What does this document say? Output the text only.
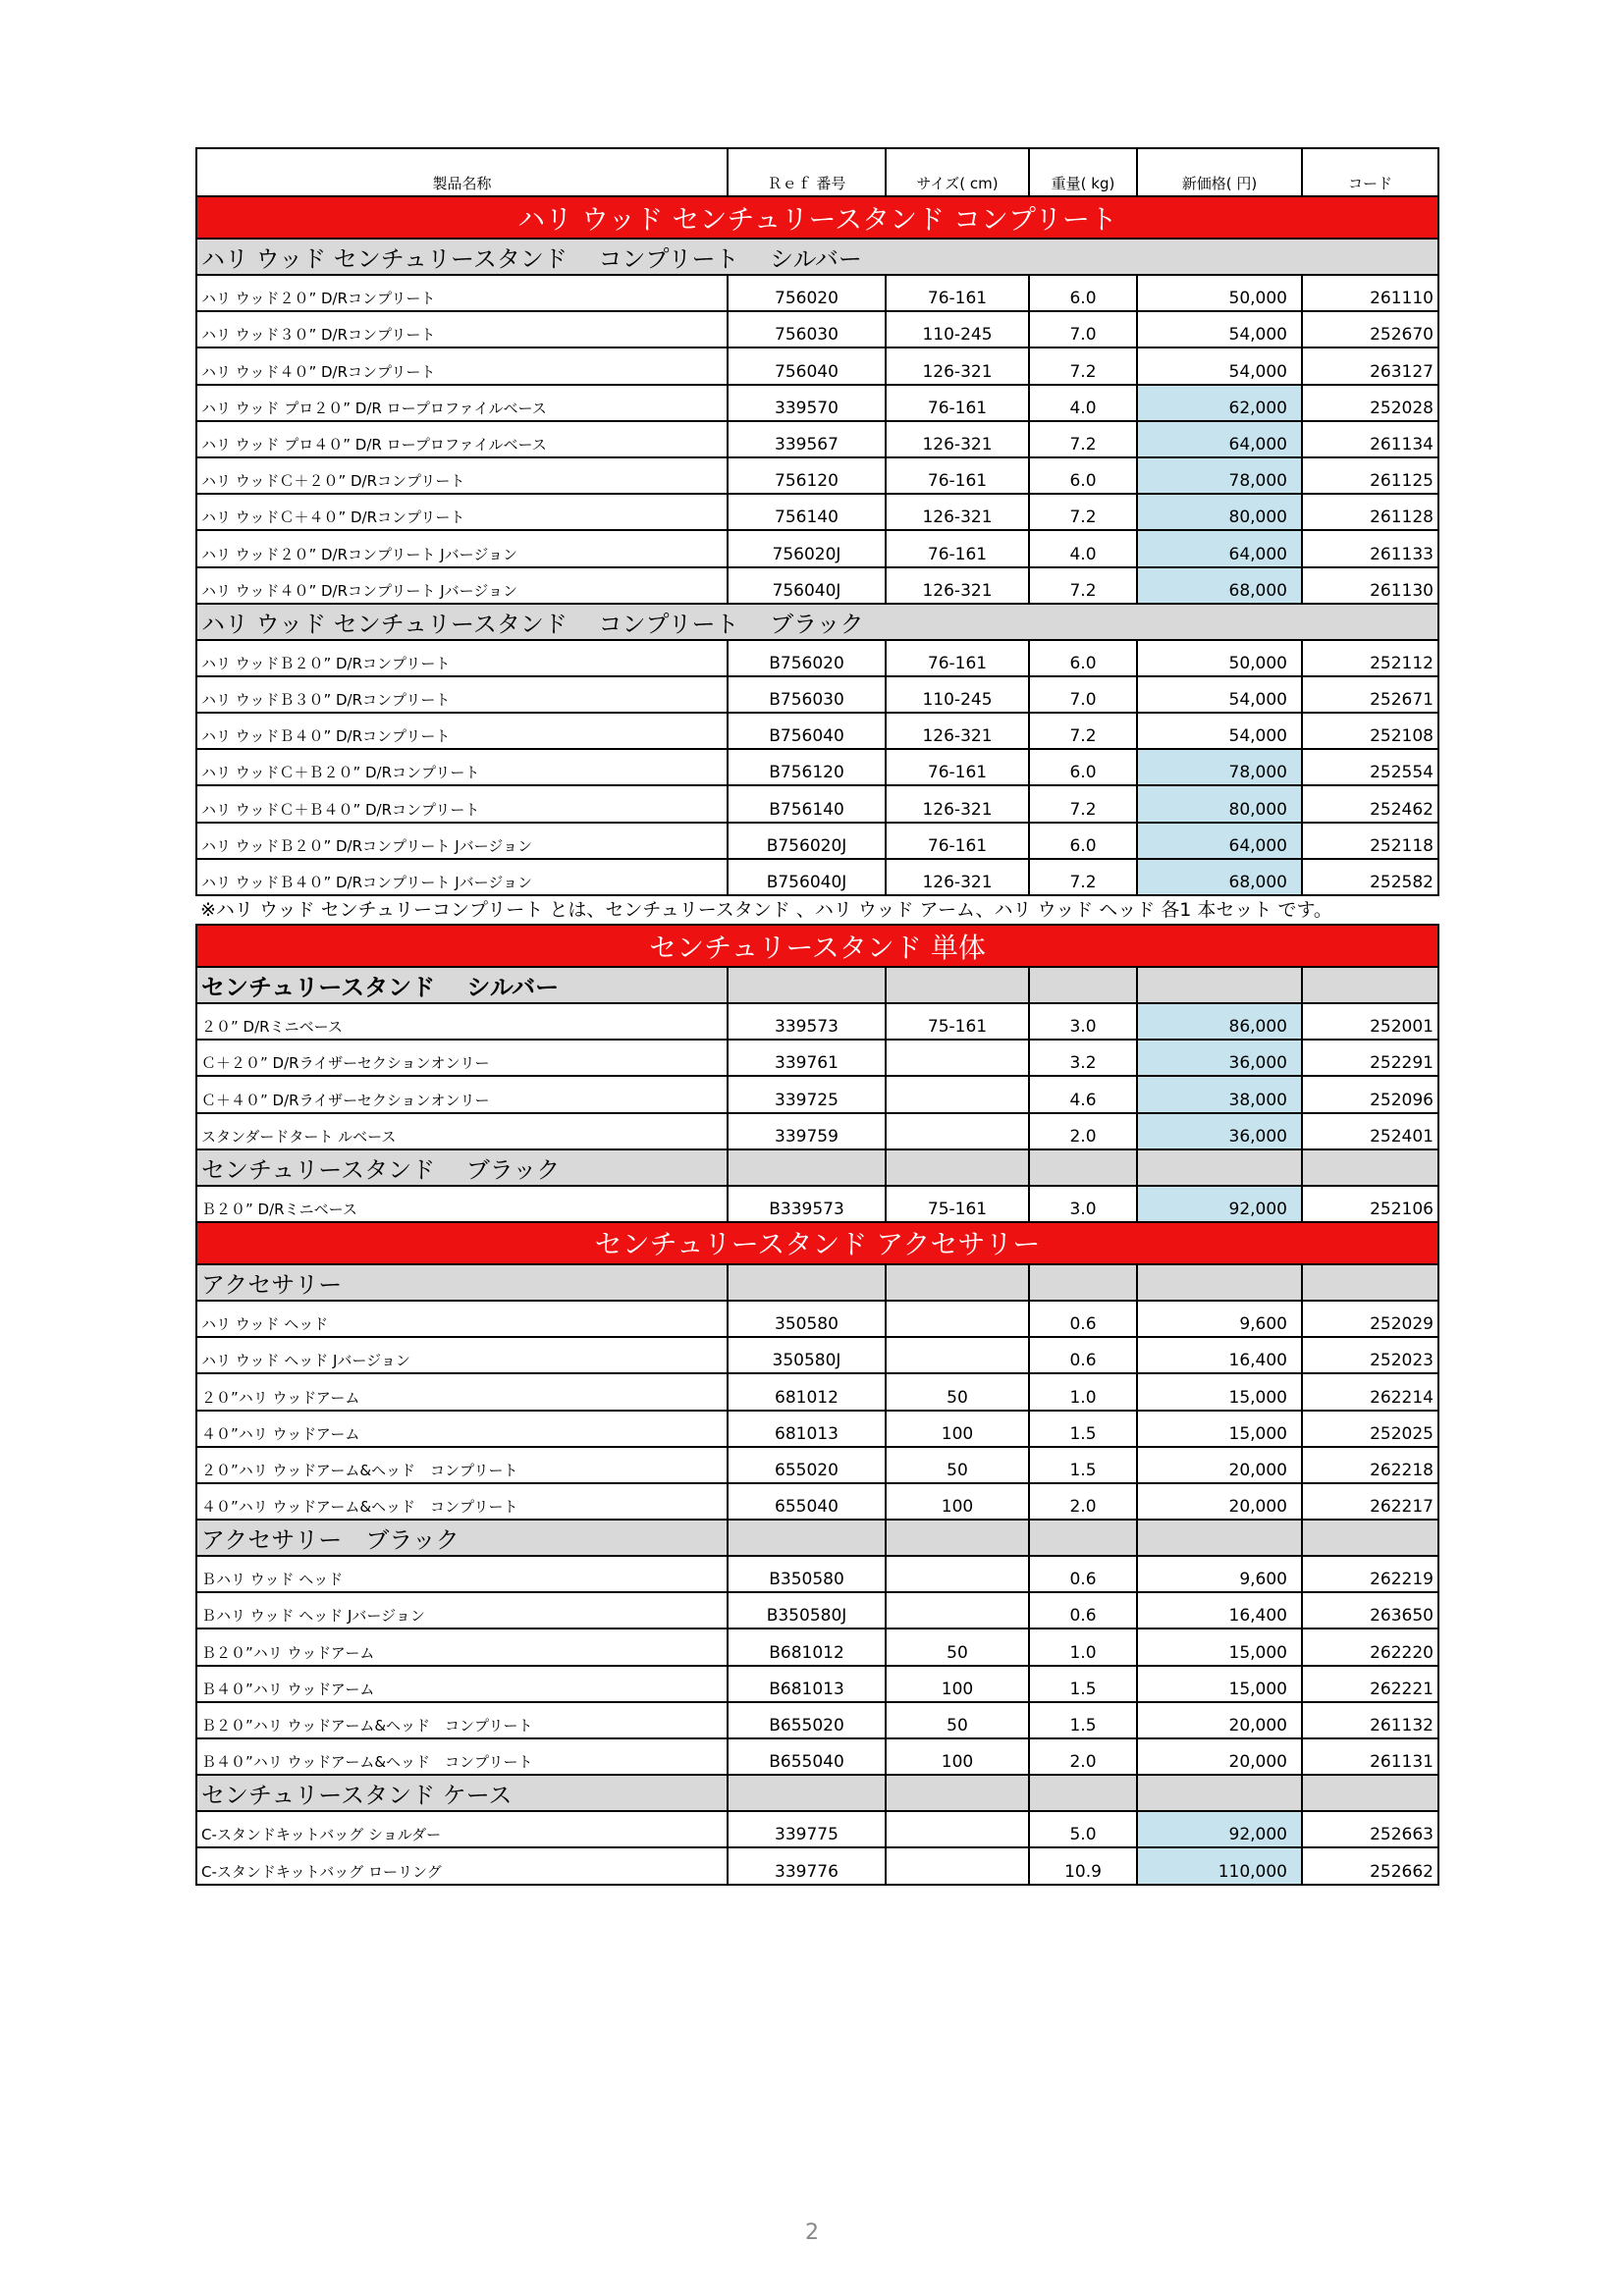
製品名称	Ｒｅｆ 番号	サイズ( cm)	重量( kg)	新価格( 円)	コード
ハリ ウッド センチュリースタンド コンプリート					
ハリ ウッド センチュリースタンド　 コンプリート　 シルバー					
ハリ ウッド２０” D/Rコンプリート	756020	76-161	6.0	50,000	261110
ハリ ウッド３０” D/Rコンプリート	756030	110-245	7.0	54,000	252670
ハリ ウッド４０” D/Rコンプリート	756040	126-321	7.2	54,000	263127
ハリ ウッド プロ２０” D/R ロープロファイルベース	339570	76-161	4.0	62,000	252028
ハリ ウッド プロ４０” D/R ロープロファイルベース	339567	126-321	7.2	64,000	261134
ハリ ウッドＣ＋２０” D/Rコンプリート	756120	76-161	6.0	78,000	261125
ハリ ウッドＣ＋４０” D/Rコンプリート	756140	126-321	7.2	80,000	261128
ハリ ウッド２０” D/Rコンプリート Jバージョン	756020J	76-161	4.0	64,000	261133
ハリ ウッド４０” D/Rコンプリート Jバージョン	756040J	126-321	7.2	68,000	261130
ハリ ウッド センチュリースタンド　 コンプリート　 ブラック					
ハリ ウッドＢ２０” D/Rコンプリート	B756020	76-161	6.0	50,000	252112
ハリ ウッドＢ３０” D/Rコンプリート	B756030	110-245	7.0	54,000	252671
ハリ ウッドＢ４０” D/Rコンプリート	B756040	126-321	7.2	54,000	252108
ハリ ウッドＣ＋Ｂ２０” D/Rコンプリート	B756120	76-161	6.0	78,000	252554
ハリ ウッドＣ＋Ｂ４０” D/Rコンプリート	B756140	126-321	7.2	80,000	252462
ハリ ウッドＢ２０” D/Rコンプリート Jバージョン	B756020J	76-161	6.0	64,000	252118
ハリ ウッドＢ４０” D/Rコンプリート Jバージョン	B756040J	126-321	7.2	68,000	252582
※ハリ ウッド センチュリーコンプリート とは、センチュリースタンド 、ハリ ウッド アーム、ハリ ウッド ヘッド 各1 本セット です。					
センチュリースタンド 単体					
センチュリースタンド　 シルバー					
２０” D/Rミニベース	339573	75-161	3.0	86,000	252001
Ｃ＋２０” D/Rライザーセクションオンリー	339761		3.2	36,000	252291
Ｃ＋４０” D/Rライザーセクションオンリー	339725		4.6	38,000	252096
スタンダードタート ルベース	339759		2.0	36,000	252401
センチュリースタンド　 ブラック					
Ｂ２０” D/Rミニベース	B339573	75-161	3.0	92,000	252106
センチュリースタンド アクセサリー					
アクセサリー					
ハリ ウッド ヘッド	350580		0.6	9,600	252029
ハリ ウッド ヘッド Jバージョン	350580J		0.6	16,400	252023
２０”ハリ ウッドアーム	681012	50	1.0	15,000	262214
４０”ハリ ウッドアーム	681013	100	1.5	15,000	252025
２０”ハリ ウッドアーム&ヘッド　コンプリート	655020	50	1.5	20,000	262218
４０”ハリ ウッドアーム&ヘッド　コンプリート	655040	100	2.0	20,000	262217
アクセサリー　ブラック					
Ｂハリ ウッド ヘッド	B350580		0.6	9,600	262219
Ｂハリ ウッド ヘッド Jバージョン	B350580J		0.6	16,400	263650
Ｂ２０”ハリ ウッドアーム	B681012	50	1.0	15,000	262220
Ｂ４０”ハリ ウッドアーム	B681013	100	1.5	15,000	262221
Ｂ２０”ハリ ウッドアーム&ヘッド　コンプリート	B655020	50	1.5	20,000	261132
Ｂ４０”ハリ ウッドアーム&ヘッド　コンプリート	B655040	100	2.0	20,000	261131
センチュリースタンド ケース					
C-スタンドキットバッグ ショルダー	339775		5.0	92,000	252663
C-スタンドキットバッグ ローリング	339776		10.9	110,000	252662
2
